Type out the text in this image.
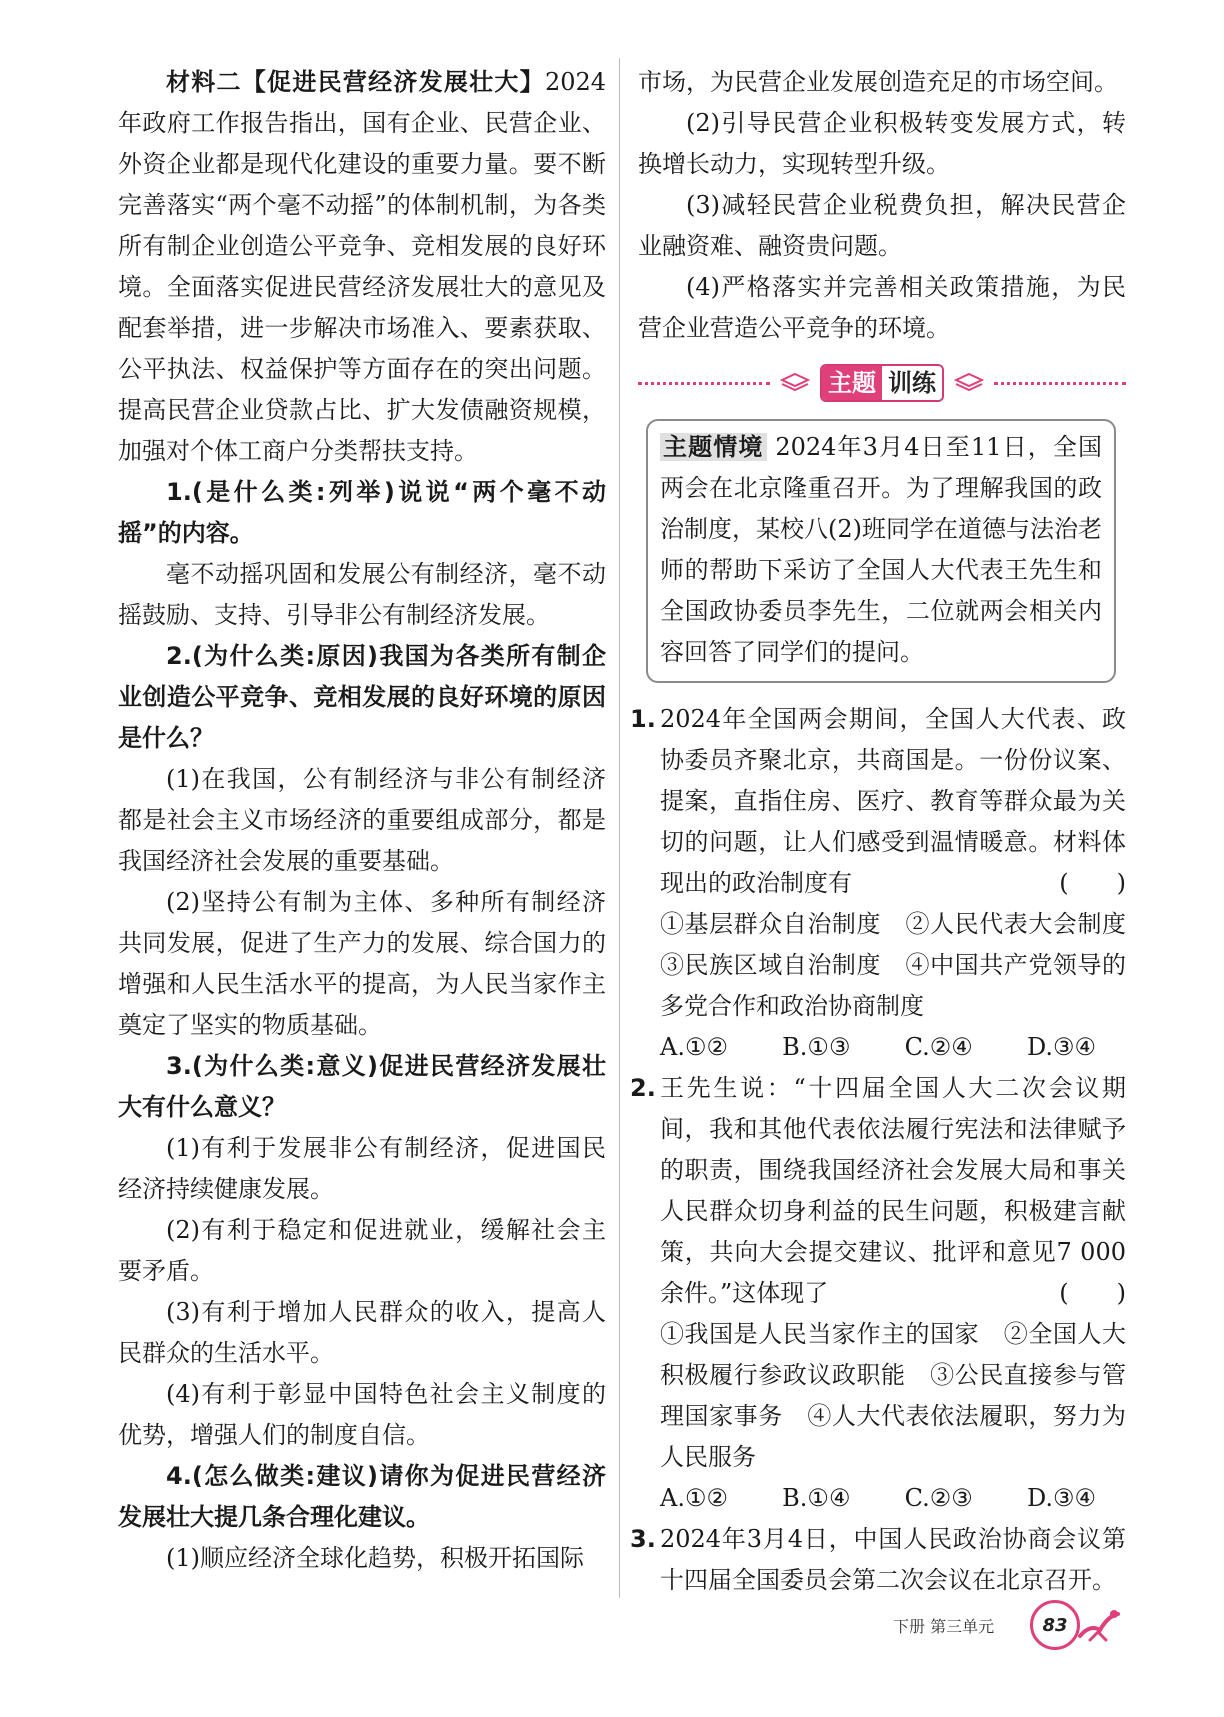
材料二【促进民营经济发展壮大】2024年政府工作报告指出，国有企业、民营企业、外资企业都是现代化建设的重要力量。要不断完善落实“两个毫不动摇”的体制机制，为各类所有制企业创造公平竞争、竞相发展的良好环境。全面落实促进民营经济发展壮大的意见及配套举措，进一步解决市场准入、要素获取、公平执法、权益保护等方面存在的突出问题。提高民营企业贷款占比、扩大发债融资规模，加强对个体工商户分类帮扶支持。

1.(是什么类:列举)说说“两个毫不动摇”的内容。

毫不动摇巩固和发展公有制经济，毫不动摇鼓励、支持、引导非公有制经济发展。

2.(为什么类:原因)我国为各类所有制企业创造公平竞争、竞相发展的良好环境的原因是什么？

(1)在我国，公有制经济与非公有制经济都是社会主义市场经济的重要组成部分，都是我国经济社会发展的重要基础。

(2)坚持公有制为主体、多种所有制经济共同发展，促进了生产力的发展、综合国力的增强和人民生活水平的提高，为人民当家作主奠定了坚实的物质基础。

3.(为什么类:意义)促进民营经济发展壮大有什么意义？

(1)有利于发展非公有制经济，促进国民经济持续健康发展。

(2)有利于稳定和促进就业，缓解社会主要矛盾。

(3)有利于增加人民群众的收入，提高人民群众的生活水平。

(4)有利于彰显中国特色社会主义制度的优势，增强人们的制度自信。

4.(怎么做类:建议)请你为促进民营经济发展壮大提几条合理化建议。

(1)顺应经济全球化趋势，积极开拓国际

市场，为民营企业发展创造充足的市场空间。

(2)引导民营企业积极转变发展方式，转换增长动力，实现转型升级。

(3)减轻民营企业税费负担，解决民营企业融资难、融资贵问题。

(4)严格落实并完善相关政策措施，为民营企业营造公平竞争的环境。

主题 训练

主题情境 2024年3月4日至11日，全国两会在北京隆重召开。为了理解我国的政治制度，某校八(2)班同学在道德与法治老师的帮助下采访了全国人大代表王先生和全国政协委员李先生，二位就两会相关内容回答了同学们的提问。

1. 2024年全国两会期间，全国人大代表、政协委员齐聚北京，共商国是。一份份议案、提案，直指住房、医疗、教育等群众最为关切的问题，让人们感受到温情暖意。材料体现出的政治制度有	(　　)

①基层群众自治制度　②人民代表大会制度　③民族区域自治制度　④中国共产党领导的多党合作和政治协商制度

A.①② B.①③ C.②④ D.③④
2. 王先生说：“十四届全国人大二次会议期间，我和其他代表依法履行宪法和法律赋予的职责，围绕我国经济社会发展大局和事关人民群众切身利益的民生问题，积极建言献策，共向大会提交建议、批评和意见7 000余件。”这体现了	(　　)

①我国是人民当家作主的国家　②全国人大积极履行参政议政职能　③公民直接参与管理国家事务　④人大代表依法履职，努力为人民服务

A.①② B.①④ C.②③ D.③④
3. 2024年3月4日，中国人民政治协商会议第十四届全国委员会第二次会议在北京召开。

下册 第三单元	83
